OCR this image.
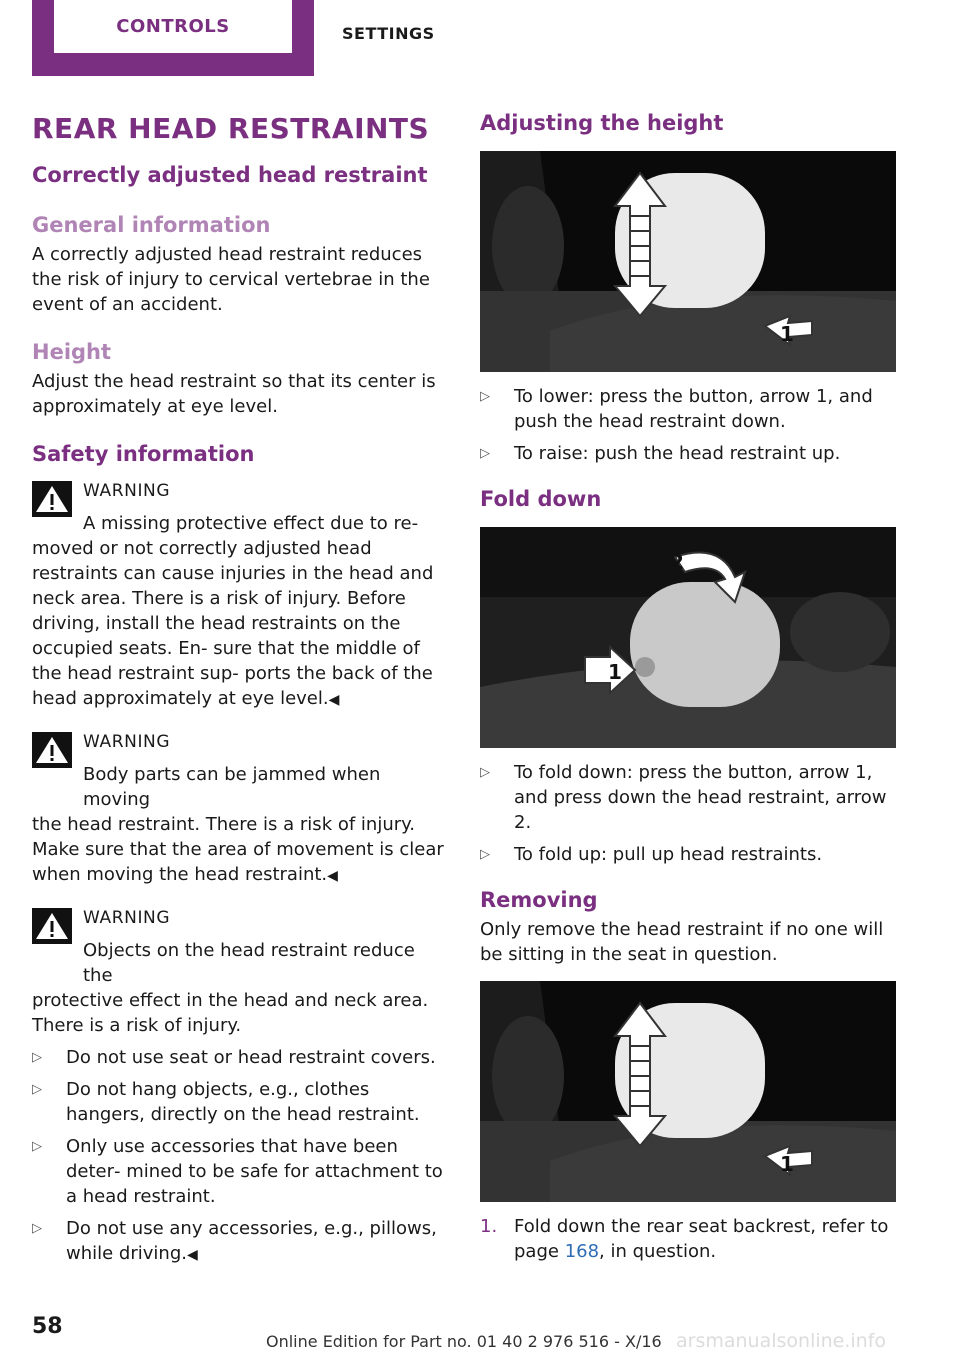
CONTROLS	SETTINGS
REAR HEAD RESTRAINTS
Correctly adjusted head restraint
General information

A correctly adjusted head restraint reduces the risk of injury to cervical vertebrae in the event of an accident.

Height

Adjust the head restraint so that its center is approximately at eye level.

Safety information
WARNING
A missing protective effect due to re‐

moved or not correctly adjusted head restraints can cause injuries in the head and neck area. There is a risk of injury. Before driving, install the head restraints on the occupied seats. En‐ sure that the middle of the head restraint sup‐ ports the back of the head approximately at eye level.◀

WARNING
Body parts can be jammed when moving

the head restraint. There is a risk of injury. Make sure that the area of movement is clear when moving the head restraint.◀

WARNING
Objects on the head restraint reduce the

protective effect in the head and neck area. There is a risk of injury.

▷ Do not use seat or head restraint covers.
▷ Do not hang objects, e.g., clothes hangers, directly on the head restraint.
▷ Only use accessories that have been deter‐ mined to be safe for attachment to a head restraint.
▷ Do not use any accessories, e.g., pillows, while driving.◀
Adjusting the height
1
▷ To lower: press the button, arrow 1, and push the head restraint down.
▷ To raise: push the head restraint up.
Fold down
1
2
▷ To fold down: press the button, arrow 1, and press down the head restraint, arrow 2.
▷ To fold up: pull up head restraints.
Removing

Only remove the head restraint if no one will be sitting in the seat in question.

1
1. Fold down the rear seat backrest, refer to page 168, in question.
58
Online Edition for Part no. 01 40 2 976 516 - X/16 arsmanualsonline.info
